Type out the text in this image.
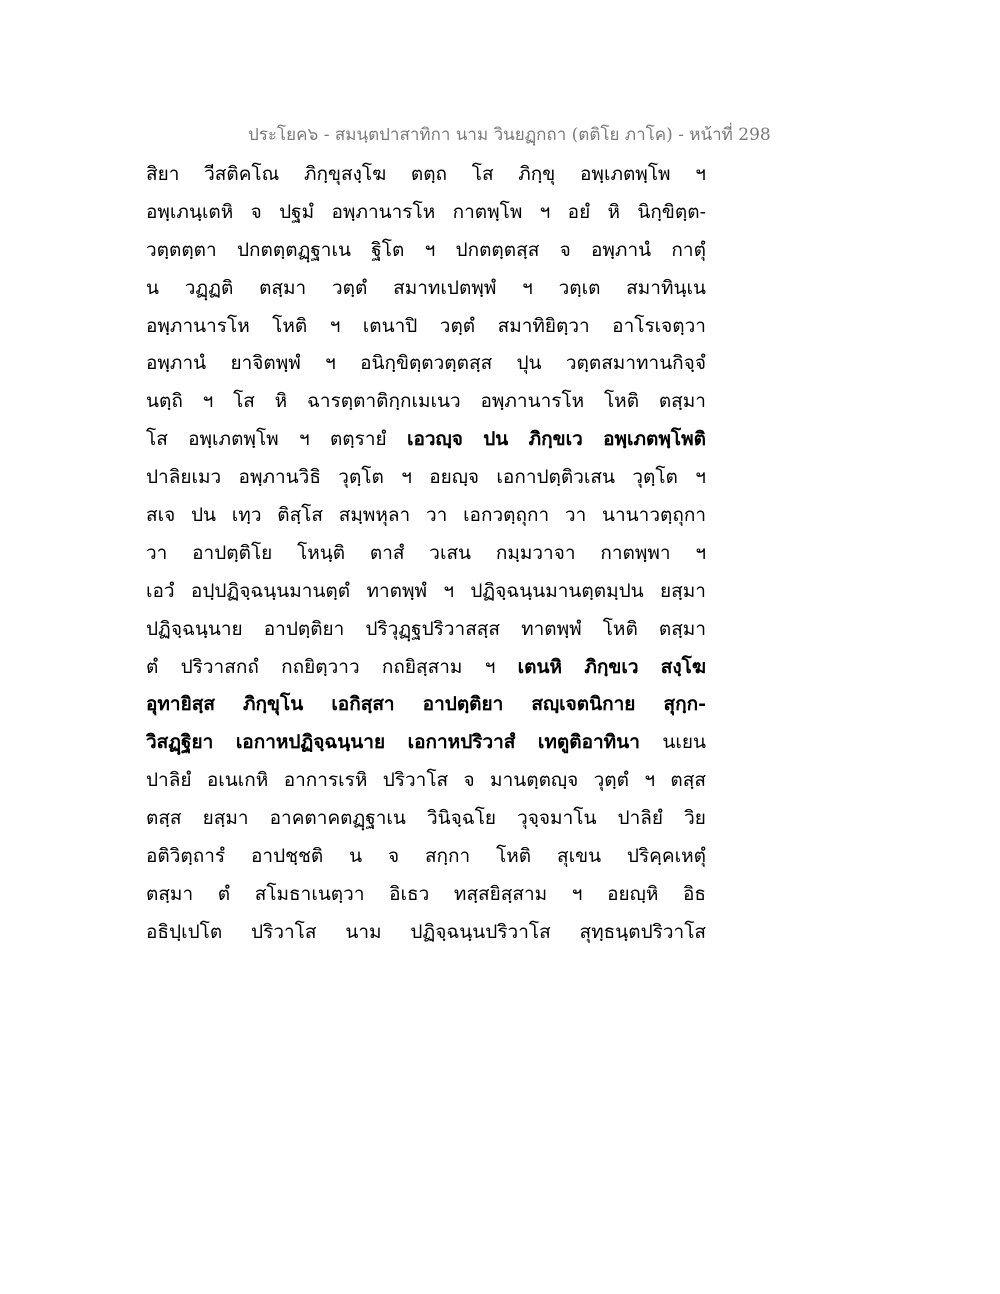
ประโยค๖ - สมนฺตปาสาทิกา นาม วินยฏฺกถา (ตติโย ภาโค) - หน้าที่ 298
สิยา วีสติคโณ ภิกฺขุสงฺโฆ ตตฺถ โส ภิกฺขุ อพฺเภตพฺโพ ฯ
อพฺเภนฺเตหิ จ ปฐมํ อพฺภานารโห กาตพฺโพ ฯ อยํ หิ นิกฺขิตฺต-
วตฺตตฺตา ปกตตฺตฏฺฐาเน ฐิโต ฯ ปกตตฺตสฺส จ อพฺภานํ กาตุํ
น วฏฺฏติ ตสฺมา วตฺตํ สมาทเปตพฺพํ ฯ วตฺเต สมาทินฺเน
อพฺภานารโห โหติ ฯ เตนาปิ วตฺตํ สมาทิยิตฺวา อาโรเจตฺวา
อพฺภานํ ยาจิตพฺพํ ฯ อนิกฺขิตฺตวตฺตสฺส ปุน วตฺตสมาทานกิจฺจํ
นตฺถิ ฯ โส หิ ฉารตฺตาติกฺกเมเนว อพฺภานารโห โหติ ตสฺมา
โส อพฺเภตพฺโพ ฯ ตตฺรายํ เอวญฺจ ปน ภิกฺขเว อพฺเภตพฺโพติ
ปาลิยเมว อพฺภานวิธิ วุตฺโต ฯ อยญฺจ เอกาปตฺติวเสน วุตฺโต ฯ
สเจ ปน เทฺว ติสฺโส สมฺพหุลา วา เอกวตฺถุกา วา นานาวตฺถุกา
วา อาปตฺติโย โหนฺติ ตาสํ วเสน กมฺมวาจา กาตพฺพา ฯ
เอวํ อปฺปฏิจฺฉนฺนมานตฺตํ ทาตพฺพํ ฯ ปฏิจฺฉนฺนมานตฺตมฺปน ยสฺมา
ปฏิจฺฉนฺนาย อาปตฺติยา ปริวุฏฺฐปริวาสสฺส ทาตพฺพํ โหติ ตสฺมา
ตํ ปริวาสกถํ กถยิตฺวาว กถยิสฺสาม ฯ เตนหิ ภิกฺขเว สงฺโฆ
อุทายิสฺส ภิกฺขุโน เอกิสฺสา อาปตฺติยา สญฺเจตนิกาย สุกฺก-
วิสฏฺฐิยา เอกาหปฏิจฺฉนฺนาย เอกาหปริวาสํ เทตูติอาทินา นเยน
ปาลิยํ อเนเกหิ อาการเรหิ ปริวาโส จ มานตฺตญฺจ วุตฺตํ ฯ ตสฺส
ตสฺส ยสฺมา อาคตาคตฏฺฐาเน วินิจฺฉโย วุจฺจมาโน ปาลิยํ วิย
อติวิตฺถารํ อาปชฺชติ น จ สกฺกา โหติ สุเขน ปริคฺคเหตุํ
ตสฺมา ตํ สโมธาเนตฺวา อิเธว ทสฺสยิสฺสาม ฯ อยญฺหิ อิธ
อธิปฺเปโต ปริวาโส นาม ปฏิจฺฉนฺนปริวาโส สุทฺธนฺตปริวาโส
